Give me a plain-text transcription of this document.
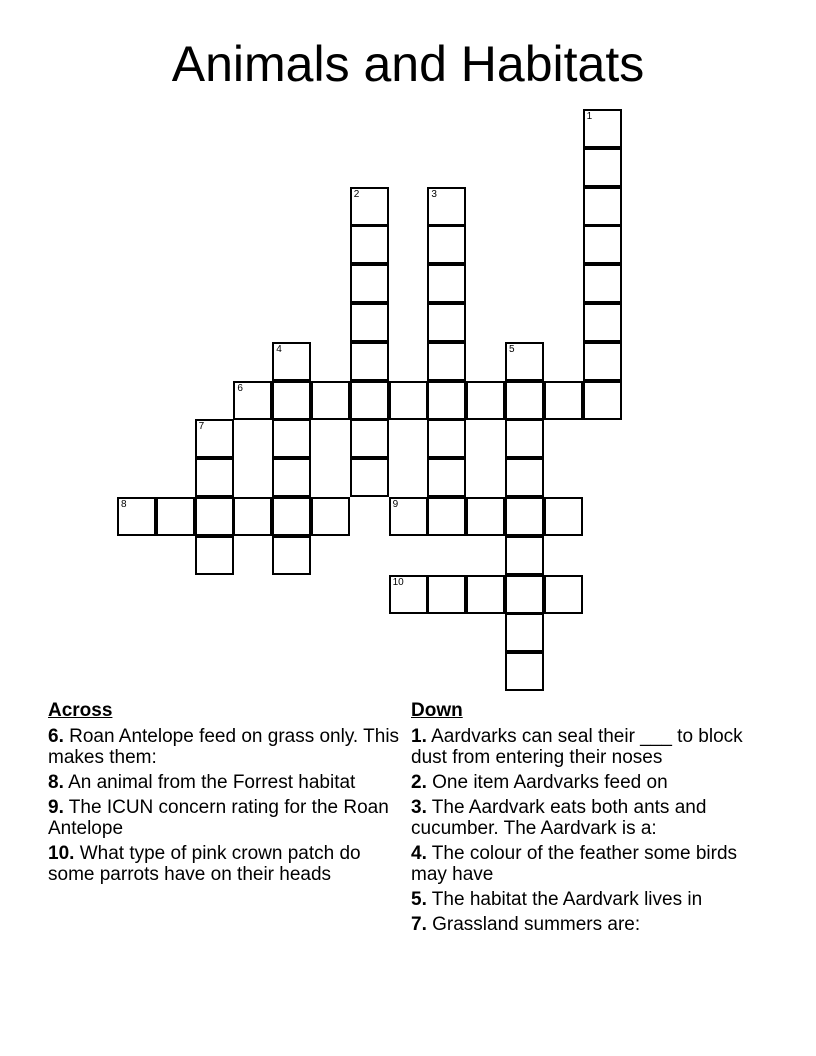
Animals and Habitats
1
2	3
4	5
6
7
8	9
10
Across
6. Roan Antelope feed on grass only. This makes them:
8. An animal from the Forrest habitat
9. The ICUN concern rating for the Roan Antelope
10. What type of pink crown patch do some parrots have on their heads
Down
1. Aardvarks can seal their ___ to block dust from entering their noses
2. One item Aardvarks feed on
3. The Aardvark eats both ants and cucumber. The Aardvark is a:
4. The colour of the feather some birds may have
5. The habitat the Aardvark lives in
7. Grassland summers are:
